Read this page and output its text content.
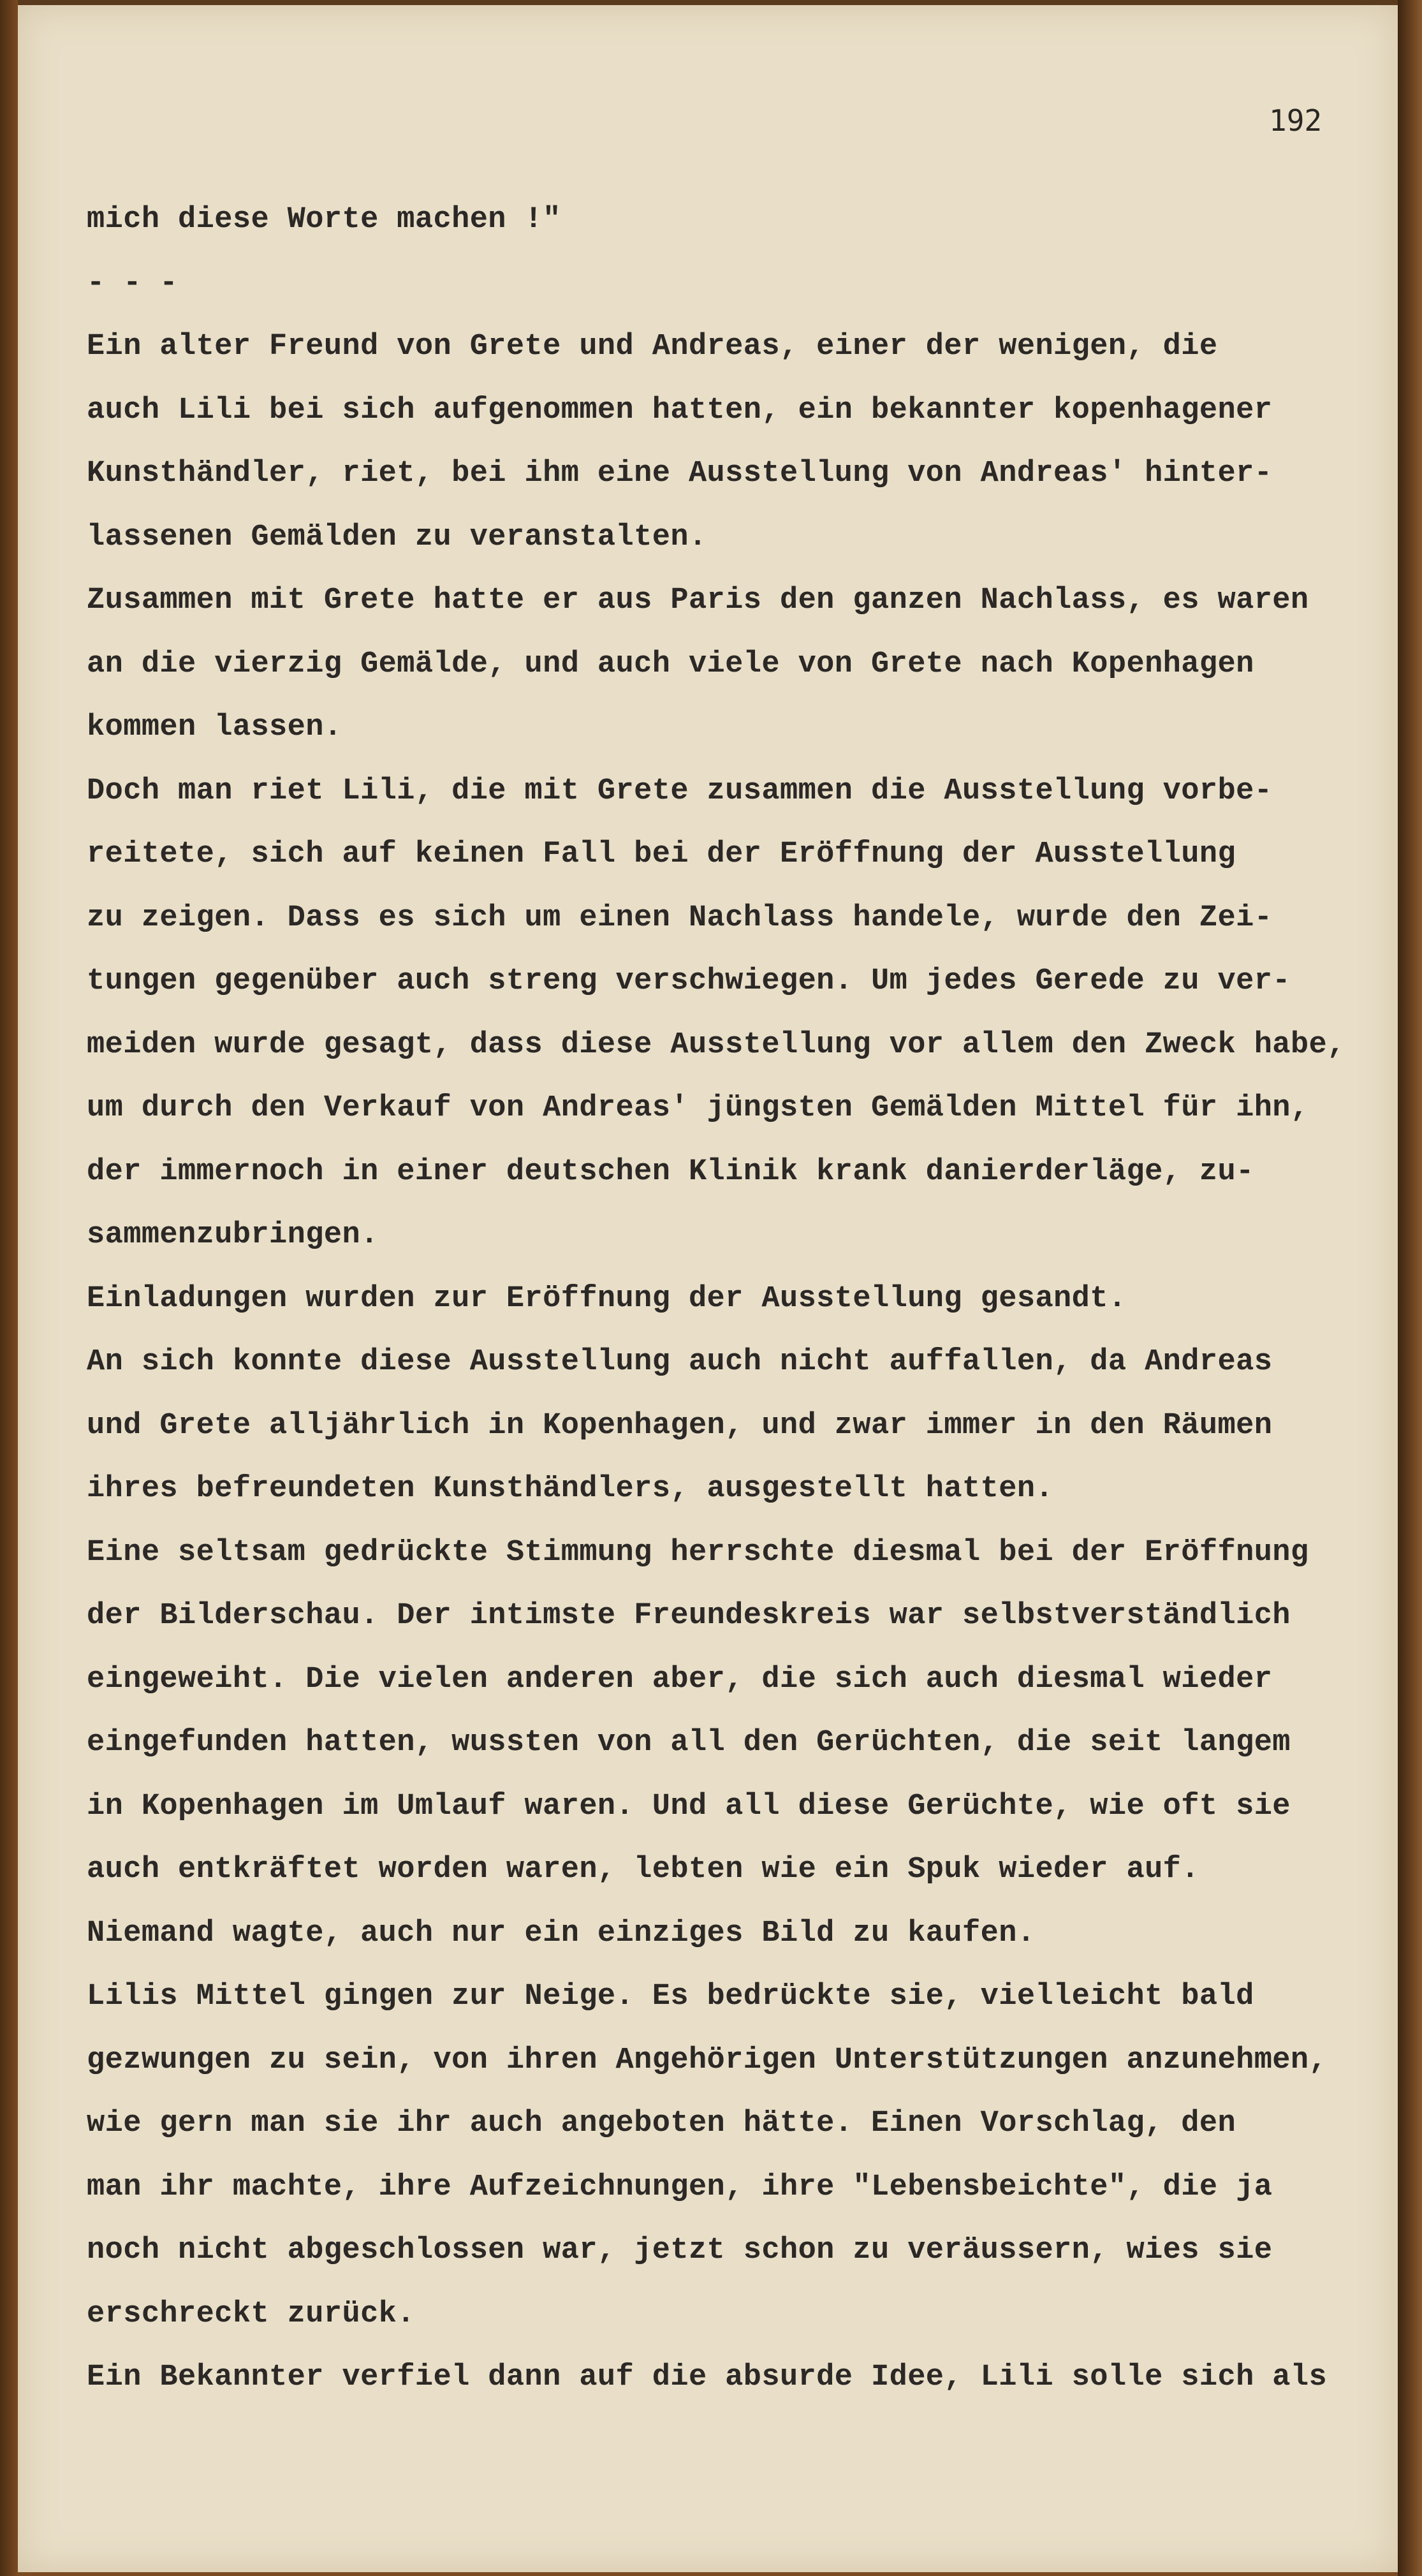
192
mich diese Worte machen !"
- - -
Ein alter Freund von Grete und Andreas, einer der wenigen, die
auch Lili bei sich aufgenommen hatten, ein bekannter kopenhagener
Kunsthändler, riet, bei ihm eine Ausstellung von Andreas' hinter-
lassenen Gemälden zu veranstalten.
Zusammen mit Grete hatte er aus Paris den ganzen Nachlass, es waren
an die vierzig Gemälde, und auch viele von Grete nach Kopenhagen
kommen lassen.
Doch man riet Lili, die mit Grete zusammen die Ausstellung vorbe-
reitete, sich auf keinen Fall bei der Eröffnung der Ausstellung
zu zeigen. Dass es sich um einen Nachlass handele, wurde den Zei-
tungen gegenüber auch streng verschwiegen. Um jedes Gerede zu ver-
meiden wurde gesagt, dass diese Ausstellung vor allem den Zweck habe,
um durch den Verkauf von Andreas' jüngsten Gemälden Mittel für ihn,
der immernoch in einer deutschen Klinik krank danierderläge, zu-
sammenzubringen.
Einladungen wurden zur Eröffnung der Ausstellung gesandt.
An sich konnte diese Ausstellung auch nicht auffallen, da Andreas
und Grete alljährlich in Kopenhagen, und zwar immer in den Räumen
ihres befreundeten Kunsthändlers, ausgestellt hatten.
Eine seltsam gedrückte Stimmung herrschte diesmal bei der Eröffnung
der Bilderschau. Der intimste Freundeskreis war selbstverständlich
eingeweiht. Die vielen anderen aber, die sich auch diesmal wieder
eingefunden hatten, wussten von all den Gerüchten, die seit langem
in Kopenhagen im Umlauf waren. Und all diese Gerüchte, wie oft sie
auch entkräftet worden waren, lebten wie ein Spuk wieder auf.
Niemand wagte, auch nur ein einziges Bild zu kaufen.
Lilis Mittel gingen zur Neige. Es bedrückte sie, vielleicht bald
gezwungen zu sein, von ihren Angehörigen Unterstützungen anzunehmen,
wie gern man sie ihr auch angeboten hätte. Einen Vorschlag, den
man ihr machte, ihre Aufzeichnungen, ihre "Lebensbeichte", die ja
noch nicht abgeschlossen war, jetzt schon zu veräussern, wies sie
erschreckt zurück.
Ein Bekannter verfiel dann auf die absurde Idee, Lili solle sich als
